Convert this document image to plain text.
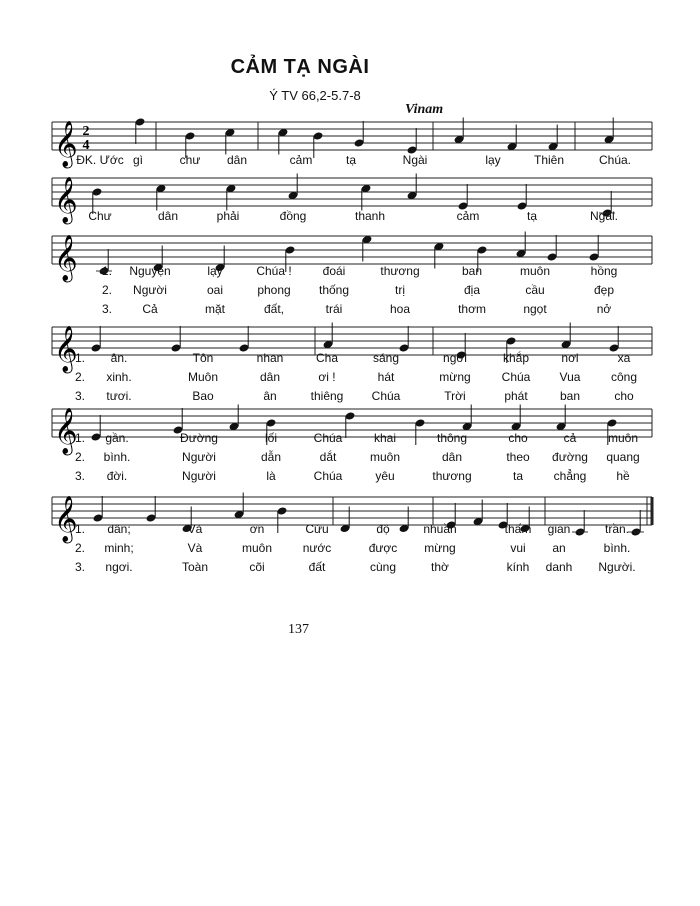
CẢM TẠ NGÀI
Ý TV 66,2-5.7-8
Vinam
𝄞 2
4
𝄞
𝄞
𝄞
𝄞
𝄞
ĐK. Ước gì	chư dân	cảm	tạ	Ngài	lạy	Thiên	Chúa.
Chư	dân	phải	đồng	thanh	cảm	tạ	Ngài.
1. Nguyện	lạy	Chúa !	đoái	thương	ban	muôn	hồng
2. Người	oai	phong thống	trị	địa	cầu	đẹp
3.	Cả	mặt	đất,	trái	hoa	thơm	ngọt	nở
1. ân.	Tôn	nhan	Cha	sáng	ngời	khắp	nơi	xa
2. xinh.	Muôn	dân	ơi !	hát	mừng	Chúa Vua	công
3. tươi.	Bao	ân	thiêng Chúa	Trời	phát	ban	cho
1. gần.	Đường	lối	Chúa	khai	thông	cho	cả	muôn
2. bình.	Người	dẫn	dắt	muôn	dân	theo đường quang
3. đời.	Người	là	Chúa	yêu	thương	ta	chẳng hề
1. dân;	Và	ơn	Cứu	độ	nhuần	thấm gian	trần.
2. minh;	Và	muôn	nước	được mừng	vui an	bình.
3. ngơi.	Toàn	cõi	đất	cùng	thờ	kính danh Người.
137
